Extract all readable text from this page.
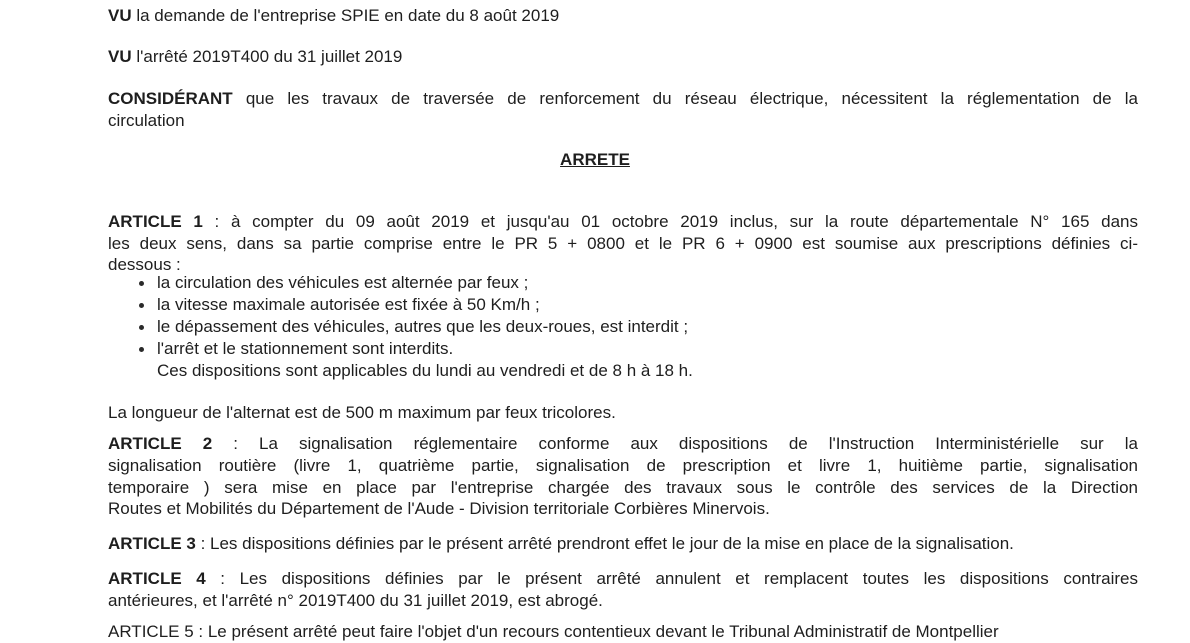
VU la demande de l'entreprise SPIE en date du 8 août 2019
VU l'arrêté 2019T400 du 31 juillet 2019
CONSIDÉRANT que les travaux de traversée de renforcement du réseau électrique, nécessitent la réglementation de la
circulation
ARRETE
ARTICLE 1 : à compter du 09 août 2019 et jusqu'au 01 octobre 2019 inclus, sur la route départementale N° 165 dans
les deux sens, dans sa partie comprise entre le PR 5 + 0800 et le PR 6 + 0900 est soumise aux prescriptions définies ci-
dessous :
la circulation des véhicules est alternée par feux ;
la vitesse maximale autorisée est fixée à 50 Km/h ;
le dépassement des véhicules, autres que les deux-roues, est interdit ;
l'arrêt et le stationnement sont interdits.
Ces dispositions sont applicables du lundi au vendredi et de 8 h à 18 h.
La longueur de l'alternat est de 500 m maximum par feux tricolores.
ARTICLE 2 : La signalisation réglementaire conforme aux dispositions de l'Instruction Interministérielle sur la
signalisation routière (livre 1, quatrième partie, signalisation de prescription et livre 1, huitième partie, signalisation
temporaire ) sera mise en place par l'entreprise chargée des travaux sous le contrôle des services de la Direction
Routes et Mobilités du Département de l'Aude - Division territoriale Corbières Minervois.
ARTICLE 3 : Les dispositions définies par le présent arrêté prendront effet le jour de la mise en place de la signalisation.
ARTICLE 4 : Les dispositions définies par le présent arrêté annulent et remplacent toutes les dispositions contraires
antérieures, et l'arrêté n° 2019T400 du 31 juillet 2019, est abrogé.
ARTICLE 5 : Le présent arrêté peut faire l'objet d'un recours contentieux devant le Tribunal Administratif de Montpellier
